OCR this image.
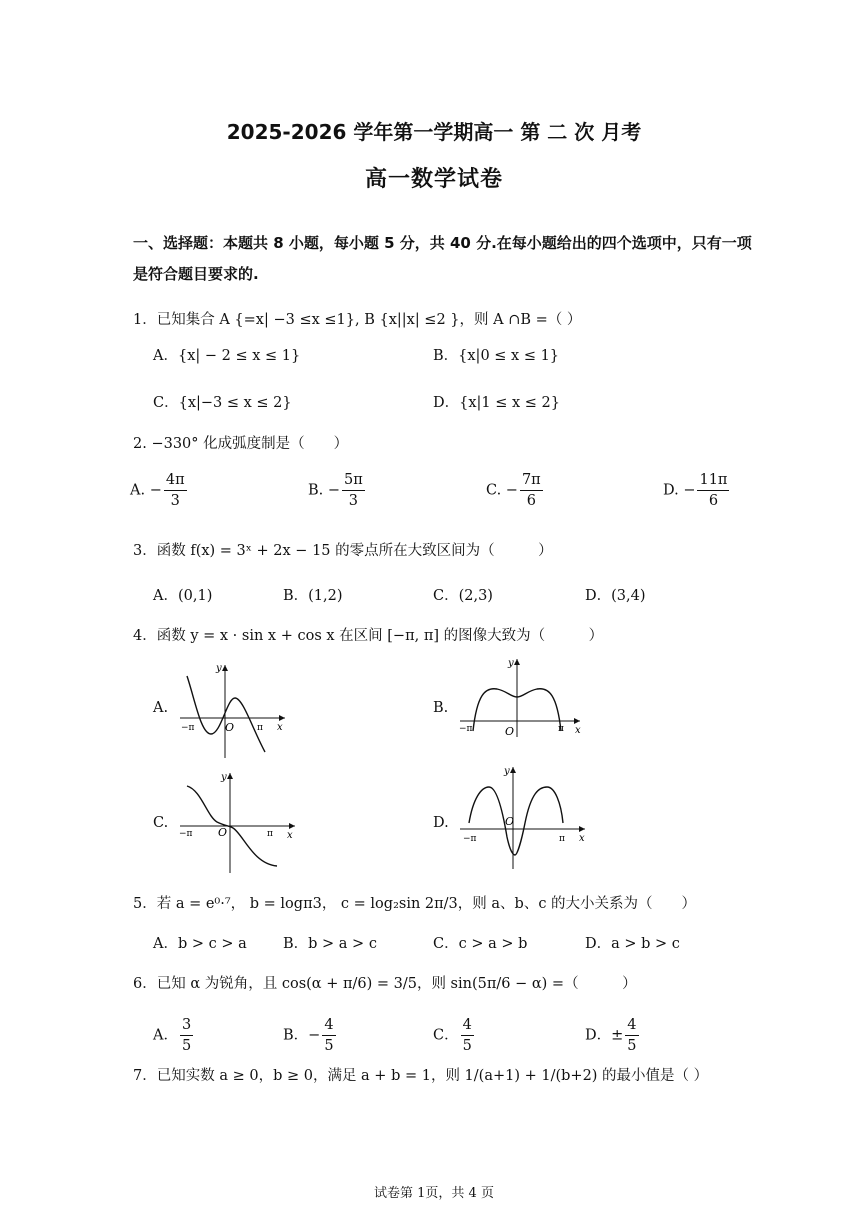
2025-2026 学年第一学期高一 第 二 次 月考
高一数学试卷
一、选择题：本题共 8 小题，每小题 5 分，共 40 分.在每小题给出的四个选项中，只有一项是符合题目要求的.
1．已知集合 A {=x| −3 ≤x ≤1}, B {x||x| ≤2 }，则 A ∩B =（ ）
A．{x| − 2 ≤ x ≤ 1}	B．{x|0 ≤ x ≤ 1}
C．{x|−3 ≤ x ≤ 2}	D．{x|1 ≤ x ≤ 2}
2. −330° 化成弧度制是（　　）
A. − $\frac{4\pi}{3}$	B. − $\frac{5\pi}{3}$	C. − $\frac{7\pi}{6}$	D. − $\frac{11\pi}{6}$
3．函数 f(x) = 3ˣ + 2x − 15 的零点所在大致区间为（　　　）
A．(0,1)	B．(1,2)	C．(2,3)	D．(3,4)
4．函数 y = x · sin x + cos x 在区间 [−π, π] 的图像大致为（　　　）
A.	B.
C.	D.
y
x
O
−π	π
y
x
O
−π	π
y
x
O
−π	π
y
x
O
−π	π
5．若 a = e⁰·⁷， b = logπ3， c = log₂sin 2π/3，则 a、b、c 的大小关系为（　　）
A．b > c > a B．b > a > c	C．c > a > b	D．a > b > c
6．已知 α 为锐角，且 cos(α + π/6) = 3/5，则 sin(5π/6 − α) =（　　　）
A． $\frac{3}{5}$	B．− $\frac{4}{5}$	C． $\frac{4}{5}$	D．± $\frac{4}{5}$
7．已知实数 a ≥ 0，b ≥ 0，满足 a + b = 1，则 1/(a+1) + 1/(b+2) 的最小值是（ ）
试卷第 1页，共 4 页
